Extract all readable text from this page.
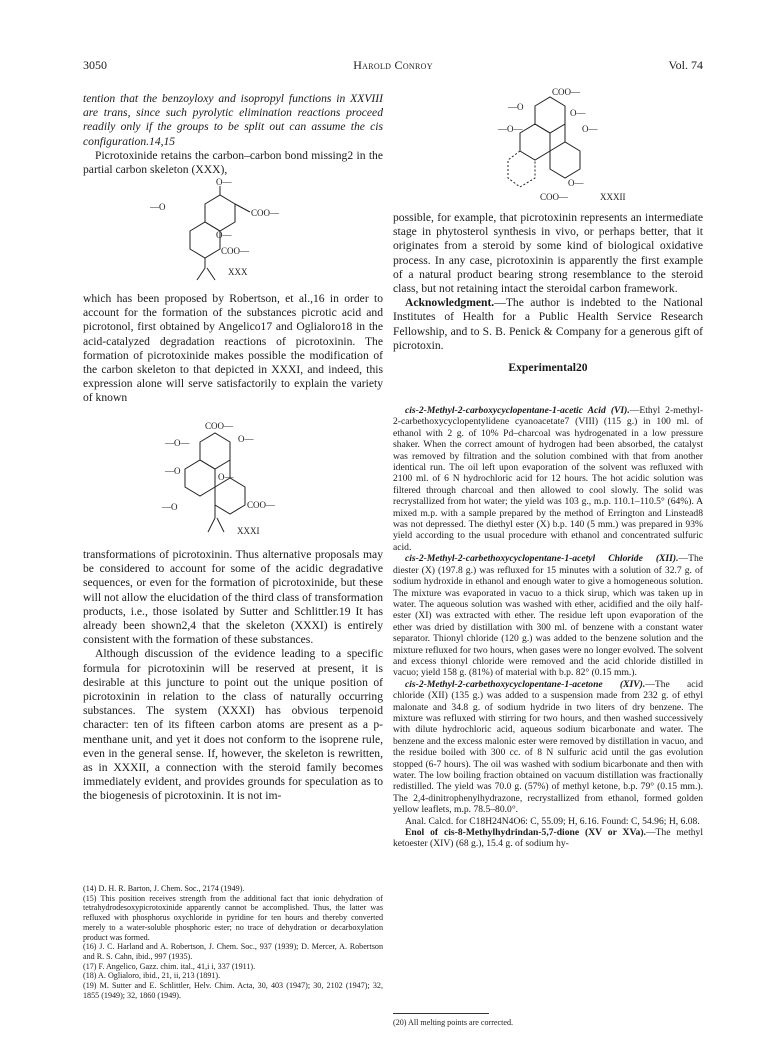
3050	Harold Conroy	Vol. 74

tention that the benzoyloxy and isopropyl functions in XXVIII are trans, since such pyrolytic elimination reactions proceed readily only if the groups to be split out can assume the cis configuration.14,15

Picrotoxinide retains the carbon–carbon bond missing2 in the partial carbon skeleton (XXX),

O—
—O
COO—
O—
COO—
XXX

which has been proposed by Robertson, et al.,16 in order to account for the formation of the substances picrotic acid and picrotonol, first obtained by Angelico17 and Oglialoro18 in the acid-catalyzed degradation reactions of picrotoxinin. The formation of picrotoxinide makes possible the modification of the carbon skeleton to that depicted in XXXI, and indeed, this expression alone will serve satisfactorily to explain the variety of known

COO—
—O—	O—
—O
O—
—O	COO—
XXXI

transformations of picrotoxinin. Thus alternative proposals may be considered to account for some of the acidic degradative sequences, or even for the formation of picrotoxinide, but these will not allow the elucidation of the third class of transformation products, i.e., those isolated by Sutter and Schlittler.19 It has already been shown2,4 that the skeleton (XXXI) is entirely consistent with the formation of these substances.

Although discussion of the evidence leading to a specific formula for picrotoxinin will be reserved at present, it is desirable at this juncture to point out the unique position of picrotoxinin in relation to the class of naturally occurring substances. The system (XXXI) has obvious terpenoid character: ten of its fifteen carbon atoms are present as a p-menthane unit, and yet it does not conform to the isoprene rule, even in the general sense. If, however, the skeleton is rewritten, as in XXXII, a connection with the steroid family becomes immediately evident, and provides grounds for speculation as to the biogenesis of picrotoxinin. It is not im-

(14) D. H. R. Barton, J. Chem. Soc., 2174 (1949).

(15) This position receives strength from the additional fact that ionic dehydration of tetrahydrodesoxypicrotoxinide apparently cannot be accomplished. Thus, the latter was refluxed with phosphorus oxychloride in pyridine for ten hours and thereby converted merely to a water-soluble phosphoric ester; no trace of dehydration or decarboxylation product was formed.

(16) J. C. Harland and A. Robertson, J. Chem. Soc., 937 (1939); D. Mercer, A. Robertson and R. S. Cahn, ibid., 997 (1935).

(17) F. Angelico, Gazz. chim. ital., 41,i i, 337 (1911).

(18) A. Oglialoro, ibid., 21, ii, 213 (1891).

(19) M. Sutter and E. Schlittler, Helv. Chim. Acta, 30, 403 (1947); 30, 2102 (1947); 32, 1855 (1949); 32, 1860 (1949).

COO—
—O
O—
—O—	O—
O—
COO—	XXXII

possible, for example, that picrotoxinin represents an intermediate stage in phytosterol synthesis in vivo, or perhaps better, that it originates from a steroid by some kind of biological oxidative process. In any case, picrotoxinin is apparently the first example of a natural product bearing strong resemblance to the steroid class, but not retaining intact the steroidal carbon framework.

Acknowledgment.—The author is indebted to the National Institutes of Health for a Public Health Service Research Fellowship, and to S. B. Penick & Company for a generous gift of picrotoxin.

Experimental20

cis-2-Methyl-2-carboxycyclopentane-1-acetic Acid (VI).—Ethyl 2-methyl-2-carbethoxycyclopentylidene cyanoacetate7 (VIII) (115 g.) in 100 ml. of ethanol with 2 g. of 10% Pd–charcoal was hydrogenated in a low pressure shaker. When the correct amount of hydrogen had been absorbed, the catalyst was removed by filtration and the solution combined with that from another identical run. The oil left upon evaporation of the solvent was refluxed with 2100 ml. of 6 N hydrochloric acid for 12 hours. The hot acidic solution was filtered through charcoal and then allowed to cool slowly. The solid was recrystallized from hot water; the yield was 103 g., m.p. 110.1–110.5° (64%). A mixed m.p. with a sample prepared by the method of Errington and Linstead8 was not depressed. The diethyl ester (X) b.p. 140 (5 mm.) was prepared in 93% yield according to the usual procedure with ethanol and concentrated sulfuric acid.

cis-2-Methyl-2-carbethoxycyclopentane-1-acetyl Chloride (XII).—The diester (X) (197.8 g.) was refluxed for 15 minutes with a solution of 32.7 g. of sodium hydroxide in ethanol and enough water to give a homogeneous solution. The mixture was evaporated in vacuo to a thick sirup, which was taken up in water. The aqueous solution was washed with ether, acidified and the oily half-ester (XI) was extracted with ether. The residue left upon evaporation of the ether was dried by distillation with 300 ml. of benzene with a constant water separator. Thionyl chloride (120 g.) was added to the benzene solution and the mixture refluxed for two hours, when gases were no longer evolved. The solvent and excess thionyl chloride were removed and the acid chloride distilled in vacuo; yield 158 g. (81%) of material with b.p. 82° (0.15 mm.).

cis-2-Methyl-2-carbethoxycyclopentane-1-acetone (XIV).—The acid chloride (XII) (135 g.) was added to a suspension made from 232 g. of ethyl malonate and 34.8 g. of sodium hydride in two liters of dry benzene. The mixture was refluxed with stirring for two hours, and then washed successively with dilute hydrochloric acid, aqueous sodium bicarbonate and water. The benzene and the excess malonic ester were removed by distillation in vacuo, and the residue boiled with 300 cc. of 8 N sulfuric acid until the gas evolution stopped (6-7 hours). The oil was washed with sodium bicarbonate and then with water. The low boiling fraction obtained on vacuum distillation was fractionally redistilled. The yield was 70.0 g. (57%) of methyl ketone, b.p. 79° (0.15 mm.). The 2,4-dinitrophenylhydrazone, recrystallized from ethanol, formed golden yellow leaflets, m.p. 78.5–80.0°.

Anal. Calcd. for C18H24N4O6: C, 55.09; H, 6.16. Found: C, 54.96; H, 6.08.

Enol of cis-8-Methylhydrindan-5,7-dione (XV or XVa).—The methyl ketoester (XIV) (68 g.), 15.4 g. of sodium hy-

(20) All melting points are corrected.
